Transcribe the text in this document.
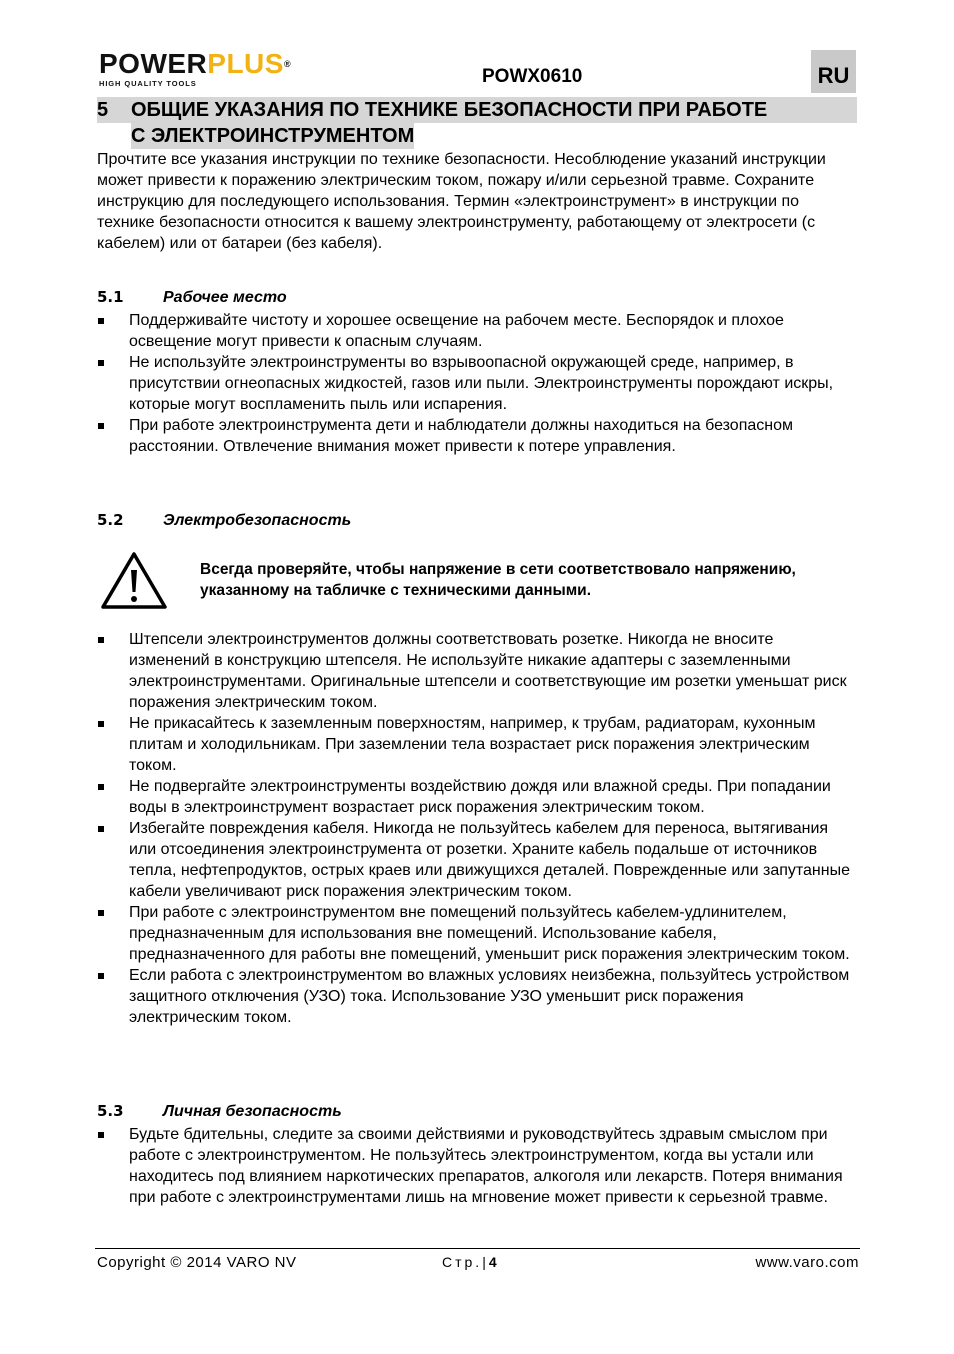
POWERPLUS®
HIGH QUALITY TOOLS	POWX0610	RU
5 ОБЩИЕ УКАЗАНИЯ ПО ТЕХНИКЕ БЕЗОПАСНОСТИ ПРИ РАБОТЕ
С ЭЛЕКТРОИНСТРУМЕНТОМ
Прочтите все указания инструкции по технике безопасности. Несоблюдение указаний инструкции может привести к поражению электрическим током, пожару и/или серьезной травме. Сохраните инструкцию для последующего использования. Термин «электроинструмент» в инструкции по технике безопасности относится к вашему электроинструменту, работающему от электросети (с кабелем) или от батареи (без кабеля).
5.1 Рабочее место
Поддерживайте чистоту и хорошее освещение на рабочем месте. Беспорядок и плохое освещение могут привести к опасным случаям.
Не используйте электроинструменты во взрывоопасной окружающей среде, например, в присутствии огнеопасных жидкостей, газов или пыли. Электроинструменты порождают искры, которые могут воспламенить пыль или испарения.
При работе электроинструмента дети и наблюдатели должны находиться на безопасном расстоянии. Отвлечение внимания может привести к потере управления.
5.2 Электробезопасность
Всегда проверяйте, чтобы напряжение в сети соответствовало напряжению, указанному на табличке с техническими данными.
Штепсели электроинструментов должны соответствовать розетке. Никогда не вносите изменений в конструкцию штепселя. Не используйте никакие адаптеры с заземленными электроинструментами. Оригинальные штепсели и соответствующие им розетки уменьшат риск поражения электрическим током.
Не прикасайтесь к заземленным поверхностям, например, к трубам, радиаторам, кухонным плитам и холодильникам. При заземлении тела возрастает риск поражения электрическим током.
Не подвергайте электроинструменты воздействию дождя или влажной среды. При попадании воды в электроинструмент возрастает риск поражения электрическим током.
Избегайте повреждения кабеля. Никогда не пользуйтесь кабелем для переноса, вытягивания или отсоединения электроинструмента от розетки. Храните кабель подальше от источников тепла, нефтепродуктов, острых краев или движущихся деталей. Поврежденные или запутанные кабели увеличивают риск поражения электрическим током.
При работе с электроинструментом вне помещений пользуйтесь кабелем-удлинителем, предназначенным для использования вне помещений. Использование кабеля, предназначенного для работы вне помещений, уменьшит риск поражения электрическим током.
Если работа с электроинструментом во влажных условиях неизбежна, пользуйтесь устройством защитного отключения (УЗО) тока. Использование УЗО уменьшит риск поражения электрическим током.
5.3 Личная безопасность
Будьте бдительны, следите за своими действиями и руководствуйтесь здравым смыслом при работе с электроинструментом. Не пользуйтесь электроинструментом, когда вы устали или находитесь под влиянием наркотических препаратов, алкоголя или лекарств. Потеря внимания при работе с электроинструментами лишь на мгновение может привести к серьезной травме.
Copyright © 2014 VARO NV	Стр.|4	www.varo.com
